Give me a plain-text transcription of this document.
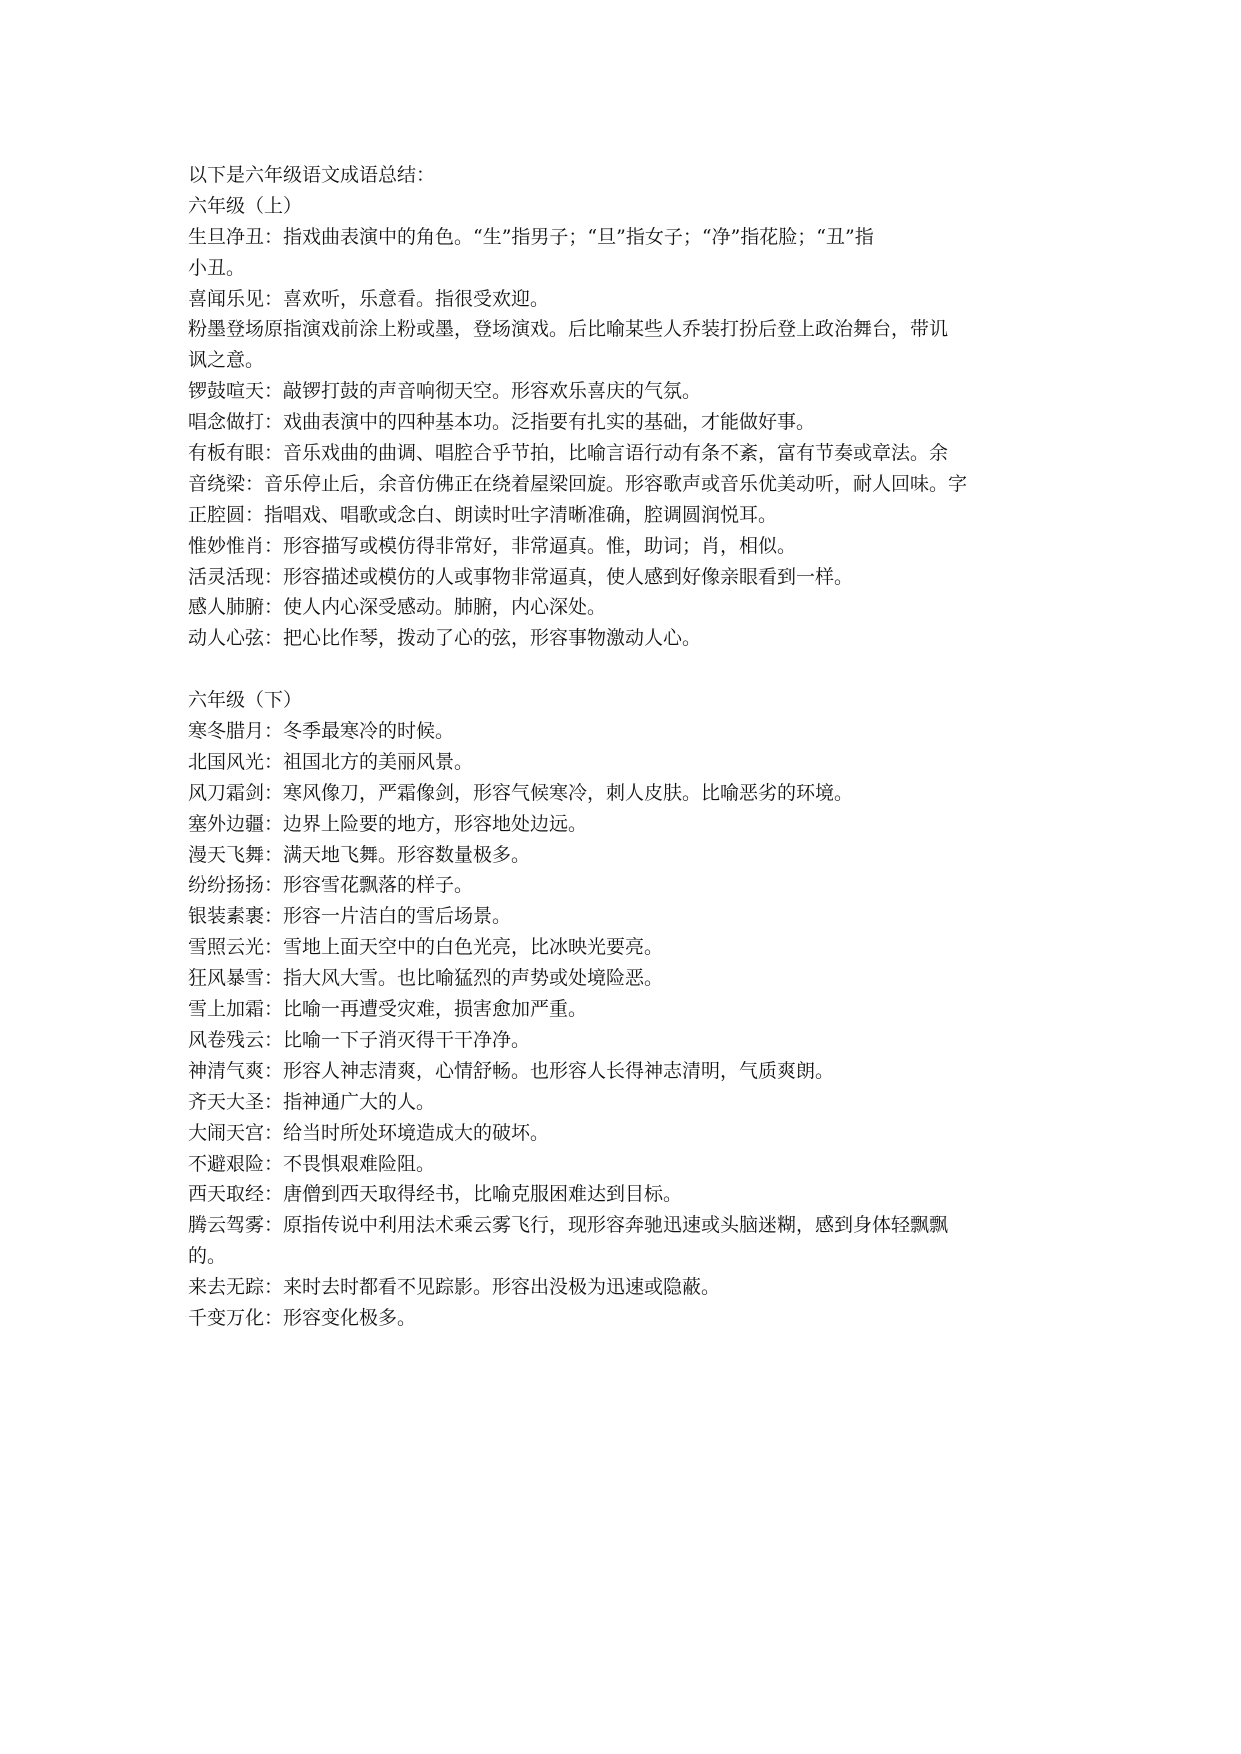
以下是六年级语文成语总结：
六年级（上）
生旦净丑：指戏曲表演中的角色。“生”指男子；“旦”指女子；“净”指花脸；“丑”指
小丑。
喜闻乐见：喜欢听，乐意看。指很受欢迎。
粉墨登场原指演戏前涂上粉或墨，登场演戏。后比喻某些人乔装打扮后登上政治舞台，带讥
讽之意。
锣鼓喧天：敲锣打鼓的声音响彻天空。形容欢乐喜庆的气氛。
唱念做打：戏曲表演中的四种基本功。泛指要有扎实的基础，才能做好事。
有板有眼：音乐戏曲的曲调、唱腔合乎节拍，比喻言语行动有条不紊，富有节奏或章法。余
音绕梁：音乐停止后，余音仿佛正在绕着屋梁回旋。形容歌声或音乐优美动听，耐人回味。字
正腔圆：指唱戏、唱歌或念白、朗读时吐字清晰准确，腔调圆润悦耳。
惟妙惟肖：形容描写或模仿得非常好，非常逼真。惟，助词；肖，相似。
活灵活现：形容描述或模仿的人或事物非常逼真，使人感到好像亲眼看到一样。
感人肺腑：使人内心深受感动。肺腑，内心深处。
动人心弦：把心比作琴，拨动了心的弦，形容事物激动人心。
六年级（下）
寒冬腊月：冬季最寒冷的时候。
北国风光：祖国北方的美丽风景。
风刀霜剑：寒风像刀，严霜像剑，形容气候寒冷，刺人皮肤。比喻恶劣的环境。
塞外边疆：边界上险要的地方，形容地处边远。
漫天飞舞：满天地飞舞。形容数量极多。
纷纷扬扬：形容雪花飘落的样子。
银装素裹：形容一片洁白的雪后场景。
雪照云光：雪地上面天空中的白色光亮，比冰映光要亮。
狂风暴雪：指大风大雪。也比喻猛烈的声势或处境险恶。
雪上加霜：比喻一再遭受灾难，损害愈加严重。
风卷残云：比喻一下子消灭得干干净净。
神清气爽：形容人神志清爽，心情舒畅。也形容人长得神志清明，气质爽朗。
齐天大圣：指神通广大的人。
大闹天宫：给当时所处环境造成大的破坏。
不避艰险：不畏惧艰难险阻。
西天取经：唐僧到西天取得经书，比喻克服困难达到目标。
腾云驾雾：原指传说中利用法术乘云雾飞行，现形容奔驰迅速或头脑迷糊，感到身体轻飘飘
的。
来去无踪：来时去时都看不见踪影。形容出没极为迅速或隐蔽。
千变万化：形容变化极多。
